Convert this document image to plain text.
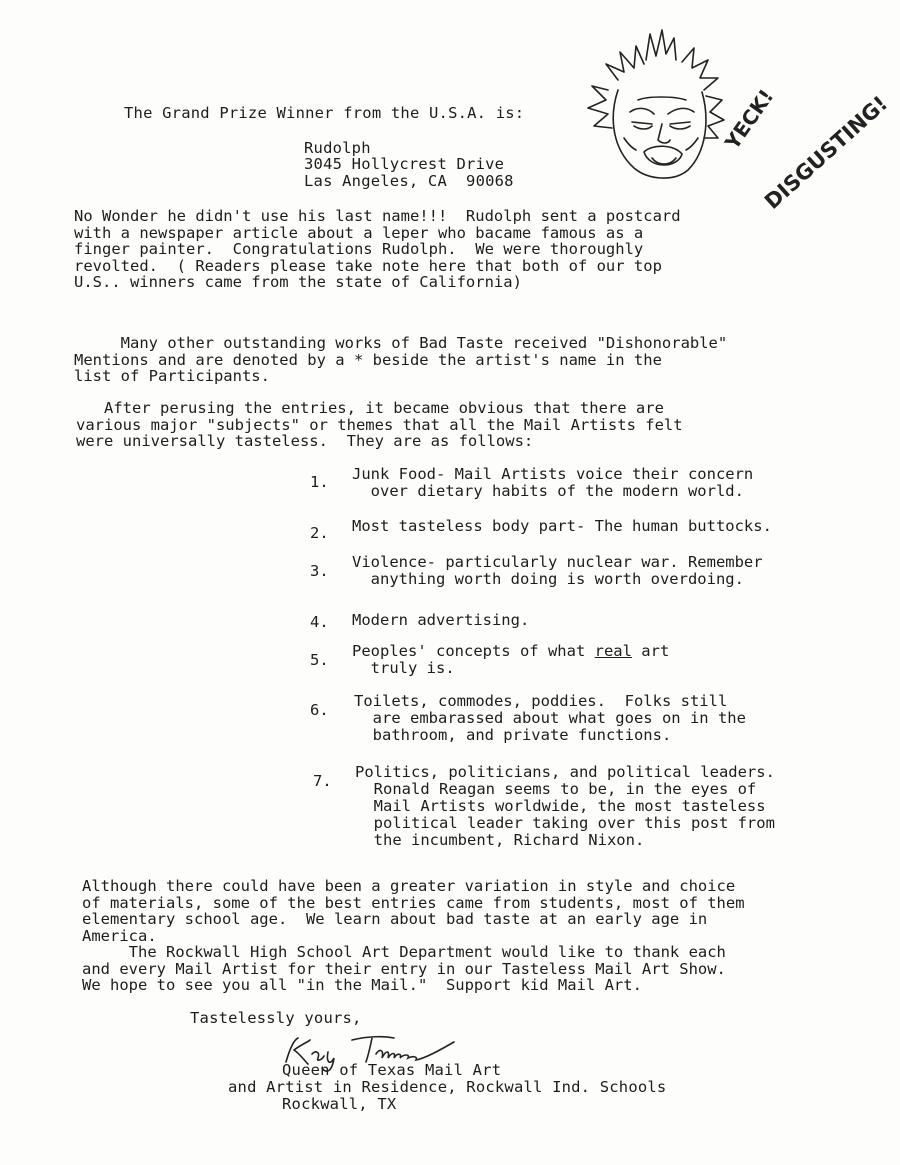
The Grand Prize Winner from the U.S.A. is:
Rudolph
3045 Hollycrest Drive
Las Angeles, CA  90068
YECK!
DISGUSTING!
No Wonder he didn't use his last name!!!  Rudolph sent a postcard
with a newspaper article about a leper who bacame famous as a
finger painter.  Congratulations Rudolph.  We were thoroughly
revolted.  ( Readers please take note here that both of our top
U.S.. winners came from the state of California)
Many other outstanding works of Bad Taste received "Dishonorable"
Mentions and are denoted by a * beside the artist's name in the
list of Participants.
After perusing the entries, it became obvious that there are
various major "subjects" or themes that all the Mail Artists felt
were universally tasteless.  They are as follows:
1. Junk Food- Mail Artists voice their concern
over dietary habits of the modern world.
2. Most tasteless body part- The human buttocks.
3. Violence- particularly nuclear war. Remember
anything worth doing is worth overdoing.
4. Modern advertising.
5. Peoples' concepts of what real art
truly is.
6. Toilets, commodes, poddies.  Folks still
are embarassed about what goes on in the
bathroom, and private functions.
7. Politics, politicians, and political leaders.
Ronald Reagan seems to be, in the eyes of
Mail Artists worldwide, the most tasteless
political leader taking over this post from
the incumbent, Richard Nixon.
Although there could have been a greater variation in style and choice
of materials, some of the best entries came from students, most of them
elementary school age.  We learn about bad taste at an early age in
America.
The Rockwall High School Art Department would like to thank each
and every Mail Artist for their entry in our Tasteless Mail Art Show.
We hope to see you all "in the Mail."  Support kid Mail Art.
Tastelessly yours,
Queen of Texas Mail Art
and Artist in Residence, Rockwall Ind. Schools
Rockwall, TX
